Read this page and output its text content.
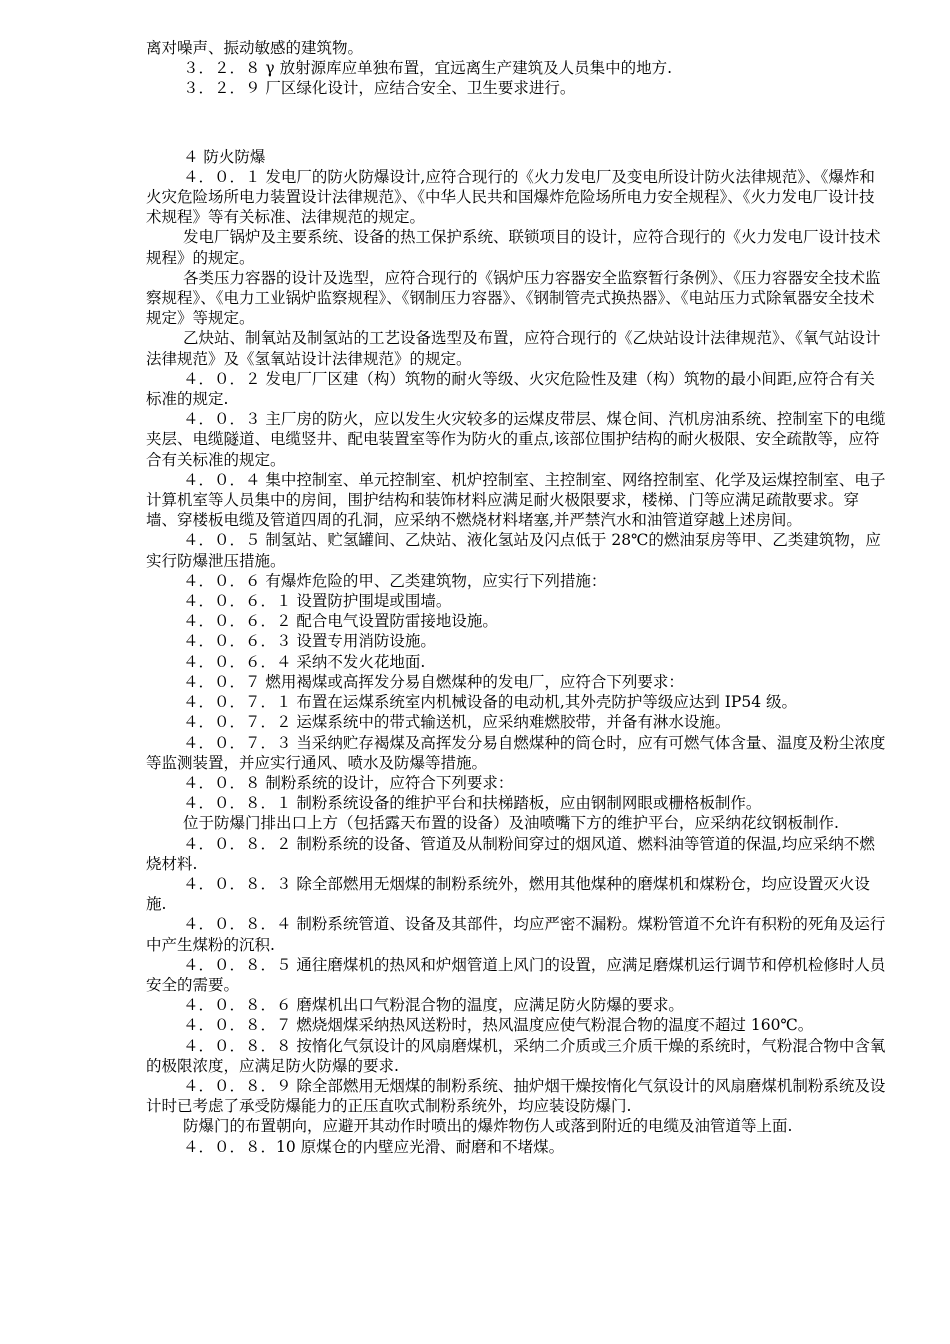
离对噪声、振动敏感的建筑物。

３．２．８ γ 放射源库应单独布置，宜远离生产建筑及人员集中的地方.

３．２．９ 厂区绿化设计，应结合安全、卫生要求进行。

４ 防火防爆

４．０．１ 发电厂的防火防爆设计,应符合现行的《火力发电厂及变电所设计防火法律规范》、《爆炸和火灾危险场所电力装置设计法律规范》、《中华人民共和国爆炸危险场所电力安全规程》、《火力发电厂设计技术规程》等有关标准、法律规范的规定。

发电厂锅炉及主要系统、设备的热工保护系统、联锁项目的设计，应符合现行的《火力发电厂设计技术规程》的规定。

各类压力容器的设计及选型，应符合现行的《锅炉压力容器安全监察暂行条例》、《压力容器安全技术监察规程》、《电力工业锅炉监察规程》、《钢制压力容器》、《钢制管壳式换热器》、《电站压力式除氧器安全技术规定》等规定。

乙炔站、制氧站及制氢站的工艺设备选型及布置，应符合现行的《乙炔站设计法律规范》、《氧气站设计法律规范》及《氢氧站设计法律规范》的规定。

４．０．２ 发电厂厂区建（构）筑物的耐火等级、火灾危险性及建（构）筑物的最小间距,应符合有关标准的规定.

４．０．３ 主厂房的防火，应以发生火灾较多的运煤皮带层、煤仓间、汽机房油系统、控制室下的电缆夹层、电缆隧道、电缆竖井、配电装置室等作为防火的重点,该部位围护结构的耐火极限、安全疏散等，应符合有关标准的规定。

４．０．４ 集中控制室、单元控制室、机炉控制室、主控制室、网络控制室、化学及运煤控制室、电子计算机室等人员集中的房间，围护结构和装饰材料应满足耐火极限要求，楼梯、门等应满足疏散要求。穿墙、穿楼板电缆及管道四周的孔洞，应采纳不燃烧材料堵塞,并严禁汽水和油管道穿越上述房间。

４．０．５ 制氢站、贮氢罐间、乙炔站、液化氢站及闪点低于 28℃的燃油泵房等甲、乙类建筑物，应实行防爆泄压措施。

４．０．６ 有爆炸危险的甲、乙类建筑物，应实行下列措施：

４．０．６．１ 设置防护围堤或围墙。

４．０．６．２ 配合电气设置防雷接地设施。

４．０．６．３ 设置专用消防设施。

４．０．６．４ 采纳不发火花地面.

４．０．７ 燃用褐煤或高挥发分易自燃煤种的发电厂，应符合下列要求：

４．０．７．１ 布置在运煤系统室内机械设备的电动机,其外壳防护等级应达到 IP54 级。

４．０．７．２ 运煤系统中的带式输送机，应采纳难燃胶带，并备有淋水设施。

４．０．７．３ 当采纳贮存褐煤及高挥发分易自燃煤种的筒仓时，应有可燃气体含量、温度及粉尘浓度等监测装置，并应实行通风、喷水及防爆等措施。

４．０．８ 制粉系统的设计，应符合下列要求：

４．０．８．１ 制粉系统设备的维护平台和扶梯踏板，应由钢制网眼或栅格板制作。

位于防爆门排出口上方（包括露天布置的设备）及油喷嘴下方的维护平台，应采纳花纹钢板制作.

４．０．８．２ 制粉系统的设备、管道及从制粉间穿过的烟风道、燃料油等管道的保温,均应采纳不燃烧材料.

４．０．８．３ 除全部燃用无烟煤的制粉系统外，燃用其他煤种的磨煤机和煤粉仓，均应设置灭火设施.

４．０．８．４ 制粉系统管道、设备及其部件，均应严密不漏粉。煤粉管道不允许有积粉的死角及运行中产生煤粉的沉积.

４．０．８．５ 通往磨煤机的热风和炉烟管道上风门的设置，应满足磨煤机运行调节和停机检修时人员安全的需要。

４．０．８．６ 磨煤机出口气粉混合物的温度，应满足防火防爆的要求。

４．０．８．７ 燃烧烟煤采纳热风送粉时，热风温度应使气粉混合物的温度不超过 160℃。

４．０．８．８ 按惰化气氛设计的风扇磨煤机，采纳二介质或三介质干燥的系统时，气粉混合物中含氧的极限浓度，应满足防火防爆的要求.

４．０．８．９ 除全部燃用无烟煤的制粉系统、抽炉烟干燥按惰化气氛设计的风扇磨煤机制粉系统及设计时已考虑了承受防爆能力的正压直吹式制粉系统外，均应装设防爆门.

防爆门的布置朝向，应避开其动作时喷出的爆炸物伤人或落到附近的电缆及油管道等上面.

４．０．８．10 原煤仓的内壁应光滑、耐磨和不堵煤。
